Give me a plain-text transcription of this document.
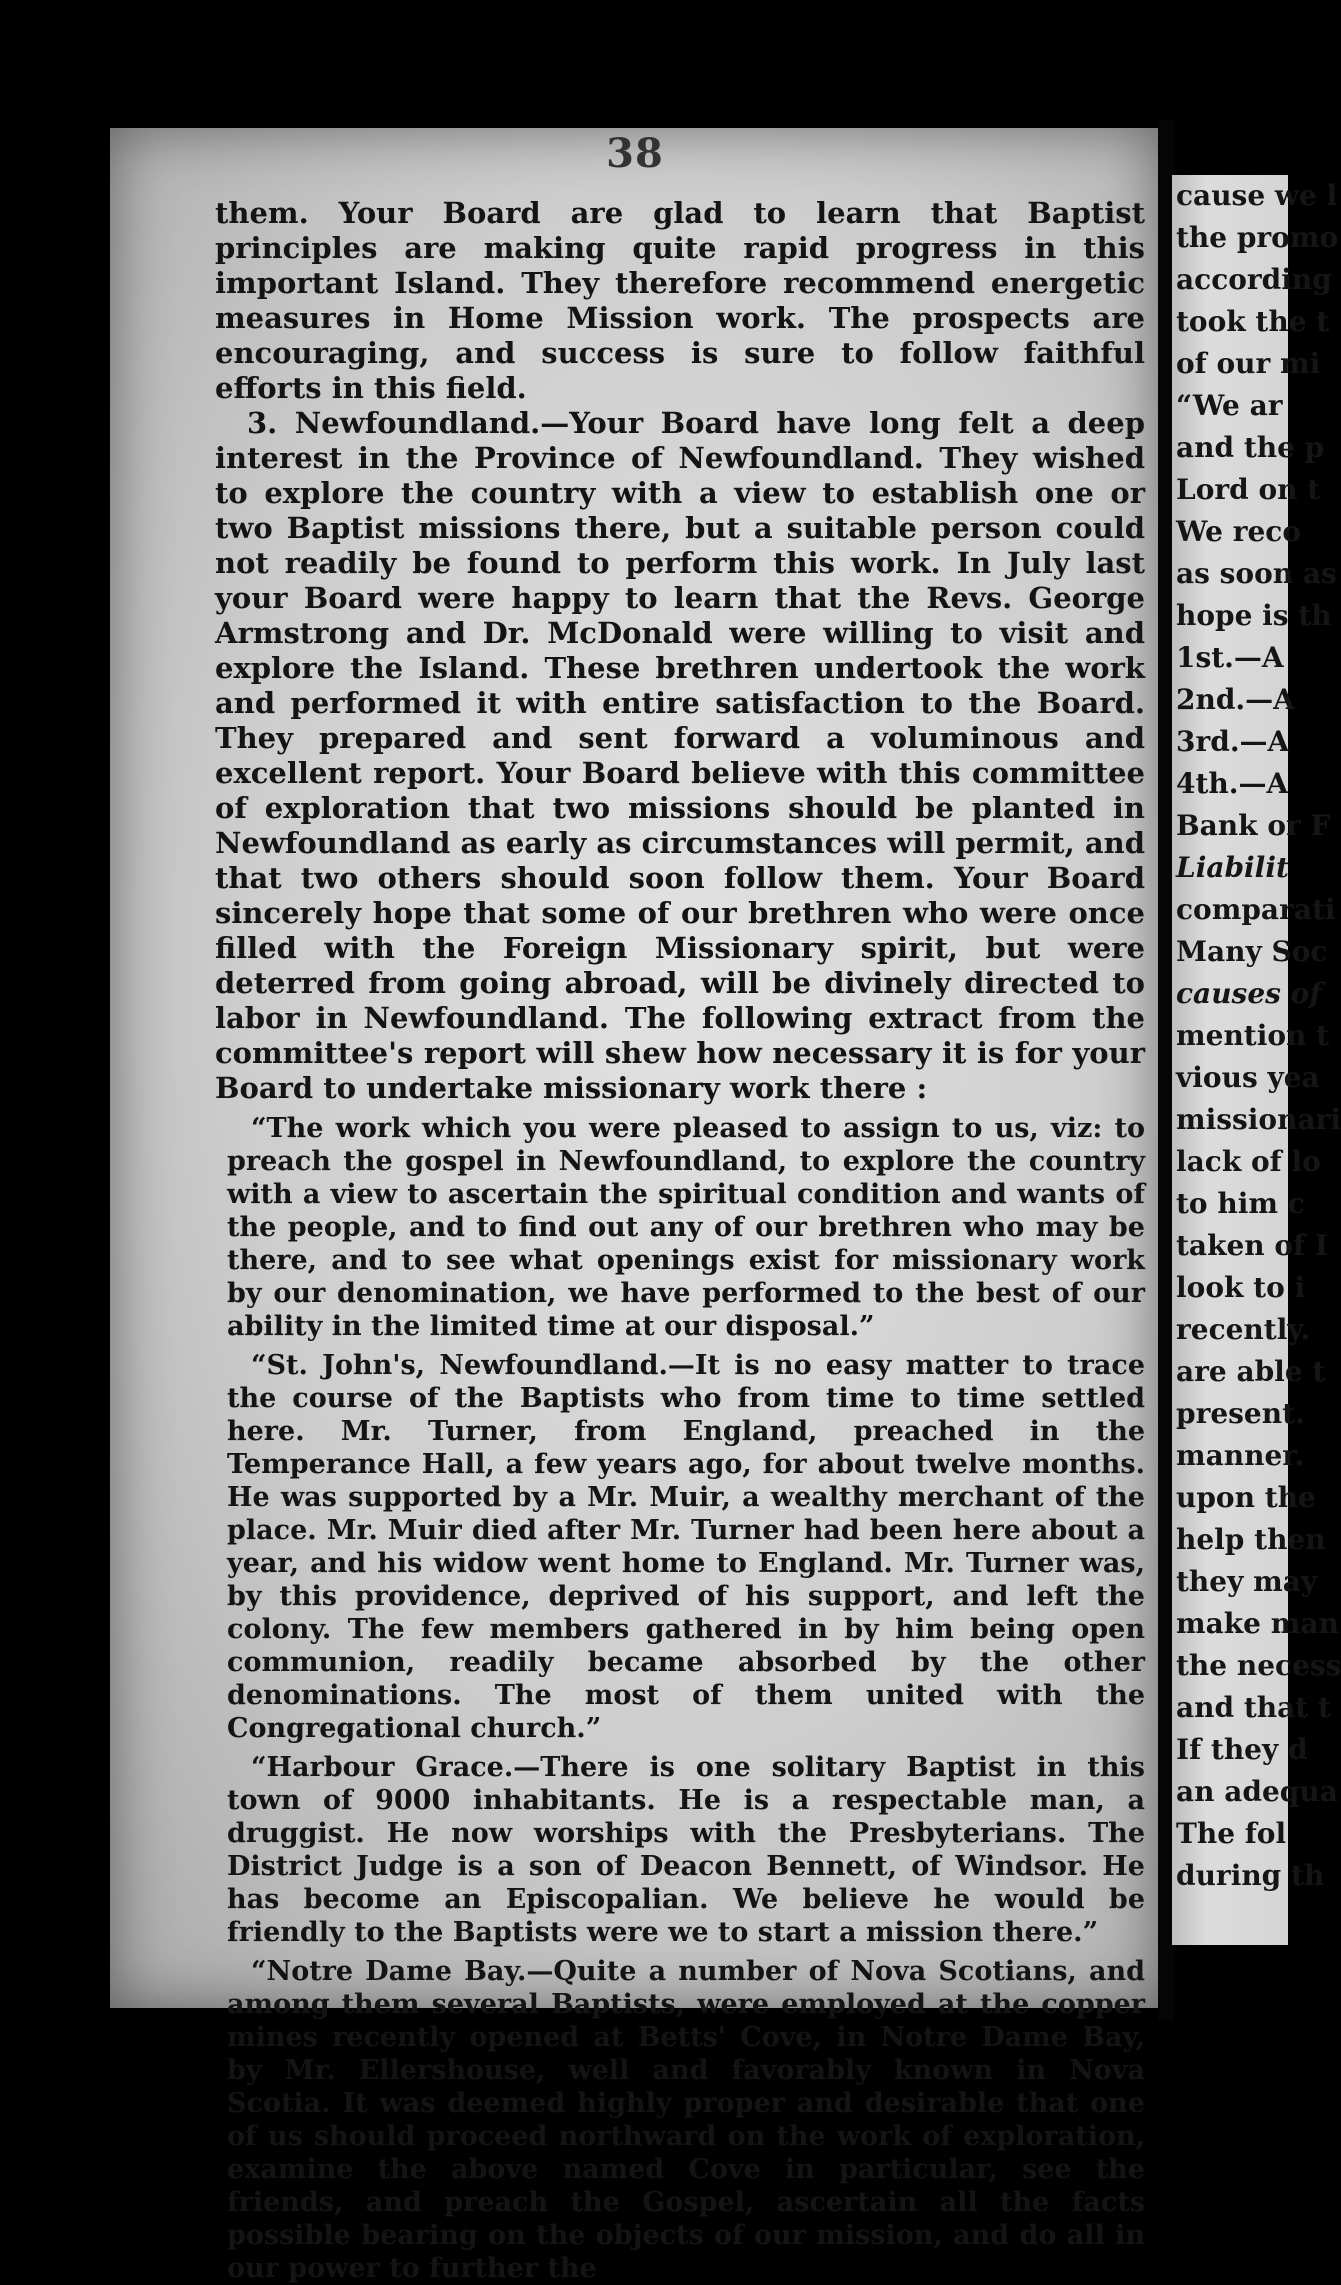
38

them. Your Board are glad to learn that Baptist principles are making quite rapid progress in this important Island. They therefore recommend energetic measures in Home Mission work. The prospects are encouraging, and success is sure to follow faithful efforts in this field.

3. Newfoundland.—Your Board have long felt a deep interest in the Province of Newfoundland. They wished to explore the country with a view to establish one or two Baptist missions there, but a suitable person could not readily be found to perform this work. In July last your Board were happy to learn that the Revs. George Armstrong and Dr. McDonald were willing to visit and explore the Island. These brethren undertook the work and performed it with entire satisfaction to the Board. They prepared and sent forward a voluminous and excellent report. Your Board believe with this committee of exploration that two missions should be planted in Newfoundland as early as circumstances will permit, and that two others should soon follow them. Your Board sincerely hope that some of our brethren who were once filled with the Foreign Missionary spirit, but were deterred from going abroad, will be divinely directed to labor in Newfoundland. The following extract from the committee's report will shew how necessary it is for your Board to undertake missionary work there :

“The work which you were pleased to assign to us, viz: to preach the gospel in Newfoundland, to explore the country with a view to ascertain the spiritual condition and wants of the people, and to find out any of our brethren who may be there, and to see what openings exist for missionary work by our denomination, we have performed to the best of our ability in the limited time at our disposal.”

“St. John's, Newfoundland.—It is no easy matter to trace the course of the Baptists who from time to time settled here. Mr. Turner, from England, preached in the Temperance Hall, a few years ago, for about twelve months. He was supported by a Mr. Muir, a wealthy merchant of the place. Mr. Muir died after Mr. Turner had been here about a year, and his widow went home to England. Mr. Turner was, by this providence, deprived of his support, and left the colony. The few members gathered in by him being open communion, readily became absorbed by the other denominations. The most of them united with the Congregational church.”

“Harbour Grace.—There is one solitary Baptist in this town of 9000 inhabitants. He is a respectable man, a druggist. He now worships with the Presbyterians. The District Judge is a son of Deacon Bennett, of Windsor. He has become an Episcopalian. We believe he would be friendly to the Baptists were we to start a mission there.”

“Notre Dame Bay.—Quite a number of Nova Scotians, and among them several Baptists, were employed at the copper mines recently opened at Betts' Cove, in Notre Dame Bay, by Mr. Ellershouse, well and favorably known in Nova Scotia. It was deemed highly proper and desirable that one of us should proceed northward on the work of exploration, examine the above named Cove in particular, see the friends, and preach the Gospel, ascertain all the facts possible bearing on the objects of our mission, and do all in our power to further the

cause we l
the promo
according
took the t
of our mi
“We ar
and the p
Lord on t
We reco
as soon as
hope is th
1st.—A
2nd.—A
3rd.—A
4th.—A
Bank or F
Liabilit
comparati
Many Soc
causes of
mention t
vious yea
missionari
lack of lo
to him c
taken of I
look to i
recently.
are able t
present.
manner.
upon the
help then
they may
make man
the necess
and that t
If they d
an adequa
The fol
during th
